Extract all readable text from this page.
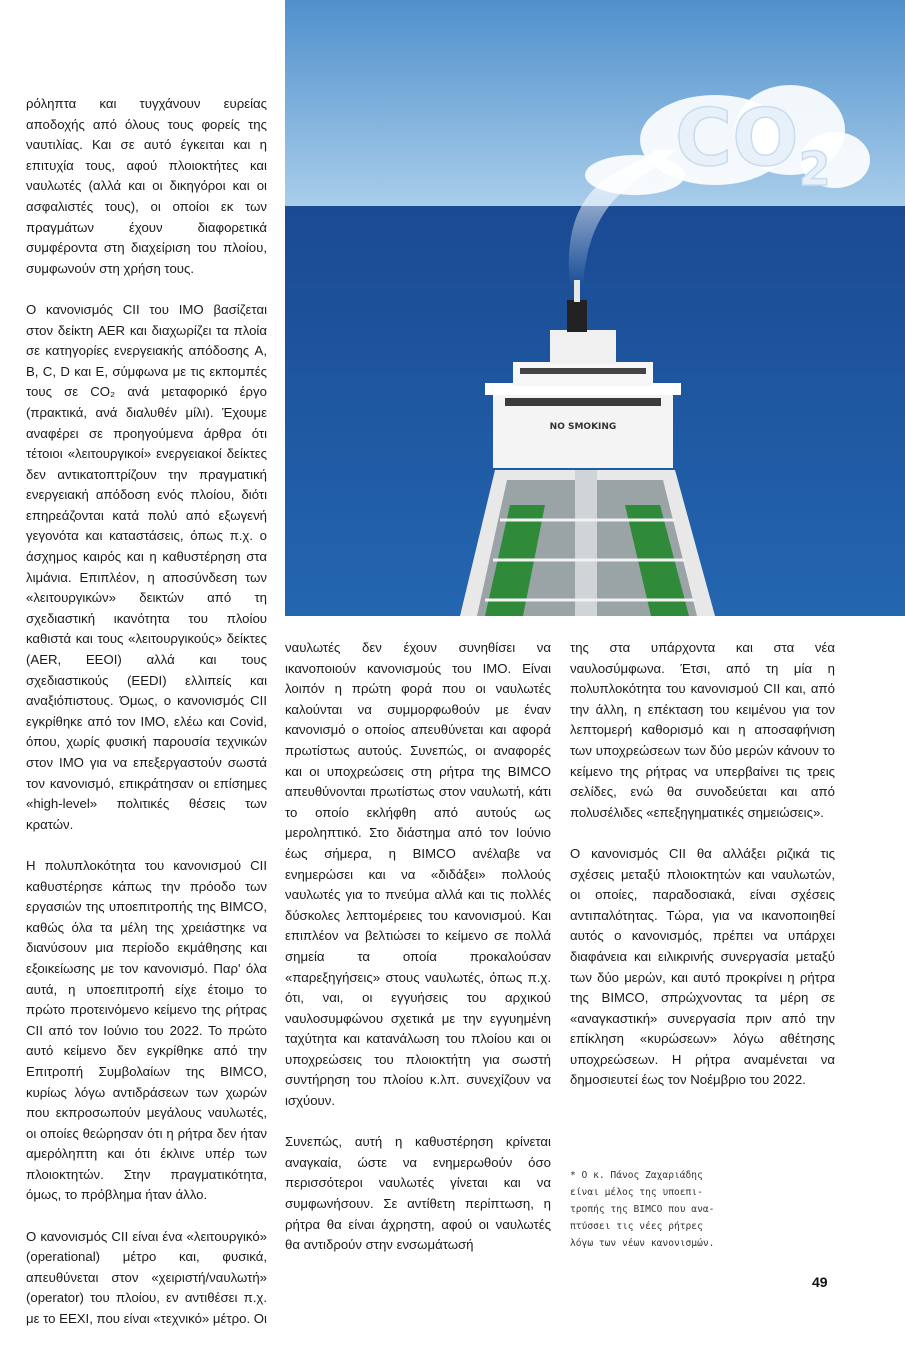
ρόληπτα και τυγχάνουν ευρείας αποδοχής από όλους τους φορείς της ναυτιλίας. Και σε αυτό έγκειται και η επιτυχία τους, αφού πλοιοκτήτες και ναυλωτές (αλλά και οι δικηγόροι και οι ασφαλιστές τους), οι οποίοι εκ των πραγμάτων έχουν διαφορετικά συμφέροντα στη διαχείριση του πλοίου, συμφωνούν στη χρήση τους.

Ο κανονισμός CII του IMO βασίζεται στον δείκτη AER και διαχωρίζει τα πλοία σε κατηγορίες ενεργειακής απόδοσης A, B, C, D και E, σύμφωνα με τις εκπομπές τους σε CO₂ ανά μεταφορικό έργο (πρακτικά, ανά διαλυθέν μίλι). Έχουμε αναφέρει σε προηγούμενα άρθρα ότι τέτοιοι «λειτουργικοί» ενεργειακοί δείκτες δεν αντικατοπτρίζουν την πραγματική ενεργειακή απόδοση ενός πλοίου, διότι επηρεάζονται κατά πολύ από εξωγενή γεγονότα και καταστάσεις, όπως π.χ. ο άσχημος καιρός και η καθυστέρηση στα λιμάνια. Επιπλέον, η αποσύνδεση των «λειτουργικών» δεικτών από τη σχεδιαστική ικανότητα του πλοίου καθιστά και τους «λειτουργικούς» δείκτες (AER, EEOI) αλλά και τους σχεδιαστικούς (EEDI) ελλιπείς και αναξιόπιστους. Όμως, ο κανονισμός CII εγκρίθηκε από τον IMO, ελέω και Covid, όπου, χωρίς φυσική παρουσία τεχνικών στον IMO για να επεξεργαστούν σωστά τον κανονισμό, επικράτησαν οι επίσημες «high-level» πολιτικές θέσεις των κρατών.

Η πολυπλοκότητα του κανονισμού CII καθυστέρησε κάπως την πρόοδο των εργασιών της υποεπιτροπής της BIMCO, καθώς όλα τα μέλη της χρειάστηκε να διανύσουν μια περίοδο εκμάθησης και εξοικείωσης με τον κανονισμό. Παρ' όλα αυτά, η υποεπιτροπή είχε έτοιμο το πρώτο προτεινόμενο κείμενο της ρήτρας CII από τον Ιούνιο του 2022. Το πρώτο αυτό κείμενο δεν εγκρίθηκε από την Επιτροπή Συμβολαίων της BIMCO, κυρίως λόγω αντιδράσεων των χωρών που εκπροσωπούν μεγάλους ναυλωτές, οι οποίες θεώρησαν ότι η ρήτρα δεν ήταν αμερόληπτη και ότι έκλινε υπέρ των πλοιοκτητών. Στην πραγματικότητα, όμως, το πρόβλημα ήταν άλλο.

Ο κανονισμός CII είναι ένα «λειτουργικό» (operational) μέτρο και, φυσικά, απευθύνεται στον «χειριστή/ναυλωτή» (operator) του πλοίου, εν αντιθέσει π.χ. με το EEXI, που είναι «τεχνικό» μέτρο. Οι

$CO_2$
NO SMOKING

ναυλωτές δεν έχουν συνηθίσει να ικανοποιούν κανονισμούς του IMO. Είναι λοιπόν η πρώτη φορά που οι ναυλωτές καλούνται να συμμορφωθούν με έναν κανονισμό ο οποίος απευθύνεται και αφορά πρωτίστως αυτούς. Συνεπώς, οι αναφορές και οι υποχρεώσεις στη ρήτρα της BIMCO απευθύνονται πρωτίστως στον ναυλωτή, κάτι το οποίο εκλήφθη από αυτούς ως μεροληπτικό. Στο διάστημα από τον Ιούνιο έως σήμερα, η BIMCO ανέλαβε να ενημερώσει και να «διδάξει» πολλούς ναυλωτές για το πνεύμα αλλά και τις πολλές δύσκολες λεπτομέρειες του κανονισμού. Και επιπλέον να βελτιώσει το κείμενο σε πολλά σημεία τα οποία προκαλούσαν «παρεξηγήσεις» στους ναυλωτές, όπως π.χ. ότι, ναι, οι εγγυήσεις του αρχικού ναυλοσυμφώνου σχετικά με την εγγυημένη ταχύτητα και κατανάλωση του πλοίου και οι υποχρεώσεις του πλοιοκτήτη για σωστή συντήρηση του πλοίου κ.λπ. συνεχίζουν να ισχύουν.

Συνεπώς, αυτή η καθυστέρηση κρίνεται αναγκαία, ώστε να ενημερωθούν όσο περισσότεροι ναυλωτές γίνεται και να συμφωνήσουν. Σε αντίθετη περίπτωση, η ρήτρα θα είναι άχρηστη, αφού οι ναυλωτές θα αντιδρούν στην ενσωμάτωσή

της στα υπάρχοντα και στα νέα ναυλοσύμφωνα. Έτσι, από τη μία η πολυπλοκότητα του κανονισμού CII και, από την άλλη, η επέκταση του κειμένου για τον λεπτομερή καθορισμό και η αποσαφήνιση των υποχρεώσεων των δύο μερών κάνουν το κείμενο της ρήτρας να υπερβαίνει τις τρεις σελίδες, ενώ θα συνοδεύεται και από πολυσέλιδες «επεξηγηματικές σημειώσεις».

Ο κανονισμός CII θα αλλάξει ριζικά τις σχέσεις μεταξύ πλοιοκτητών και ναυλωτών, οι οποίες, παραδοσιακά, είναι σχέσεις αντιπαλότητας. Τώρα, για να ικανοποιηθεί αυτός ο κανονισμός, πρέπει να υπάρχει διαφάνεια και ειλικρινής συνεργασία μεταξύ των δύο μερών, και αυτό προκρίνει η ρήτρα της BIMCO, σπρώχνοντας τα μέρη σε «αναγκαστική» συνεργασία πριν από την επίκληση «κυρώσεων» λόγω αθέτησης υποχρεώσεων. Η ρήτρα αναμένεται να δημοσιευτεί έως τον Νοέμβριο του 2022.

* Ο κ. Πάνος Ζαχαριάδης
είναι μέλος της υποεπι-
τροπής της BIMCO που ανα-
πτύσσει τις νέες ρήτρες
λόγω των νέων κανονισμών.
49
